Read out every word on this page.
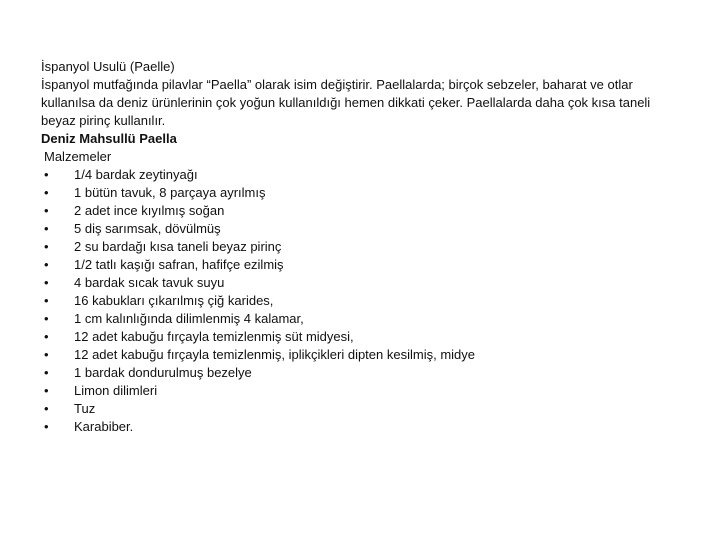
İspanyol Usulü (Paelle)

İspanyol mutfağında pilavlar “Paella” olarak isim değiştirir. Paellalarda; birçok sebzeler, baharat ve otlar kullanılsa da deniz ürünlerinin çok yoğun kullanıldığı hemen dikkati çeker. Paellalarda daha çok kısa taneli beyaz pirinç kullanılır.

Deniz Mahsullü Paella

Malzemeler

• 1/4 bardak zeytinyağı
• 1 bütün tavuk, 8 parçaya ayrılmış
• 2 adet ince kıyılmış soğan
• 5 diş sarımsak, dövülmüş
• 2 su bardağı kısa taneli beyaz pirinç
• 1/2 tatlı kaşığı safran, hafifçe ezilmiş
• 4 bardak sıcak tavuk suyu
• 16 kabukları çıkarılmış çiğ karides,
• 1 cm kalınlığında dilimlenmiş 4 kalamar,
• 12 adet kabuğu fırçayla temizlenmiş süt midyesi,
• 12 adet kabuğu fırçayla temizlenmiş, iplikçikleri dipten kesilmiş, midye
• 1 bardak dondurulmuş bezelye
• Limon dilimleri
• Tuz
• Karabiber.
